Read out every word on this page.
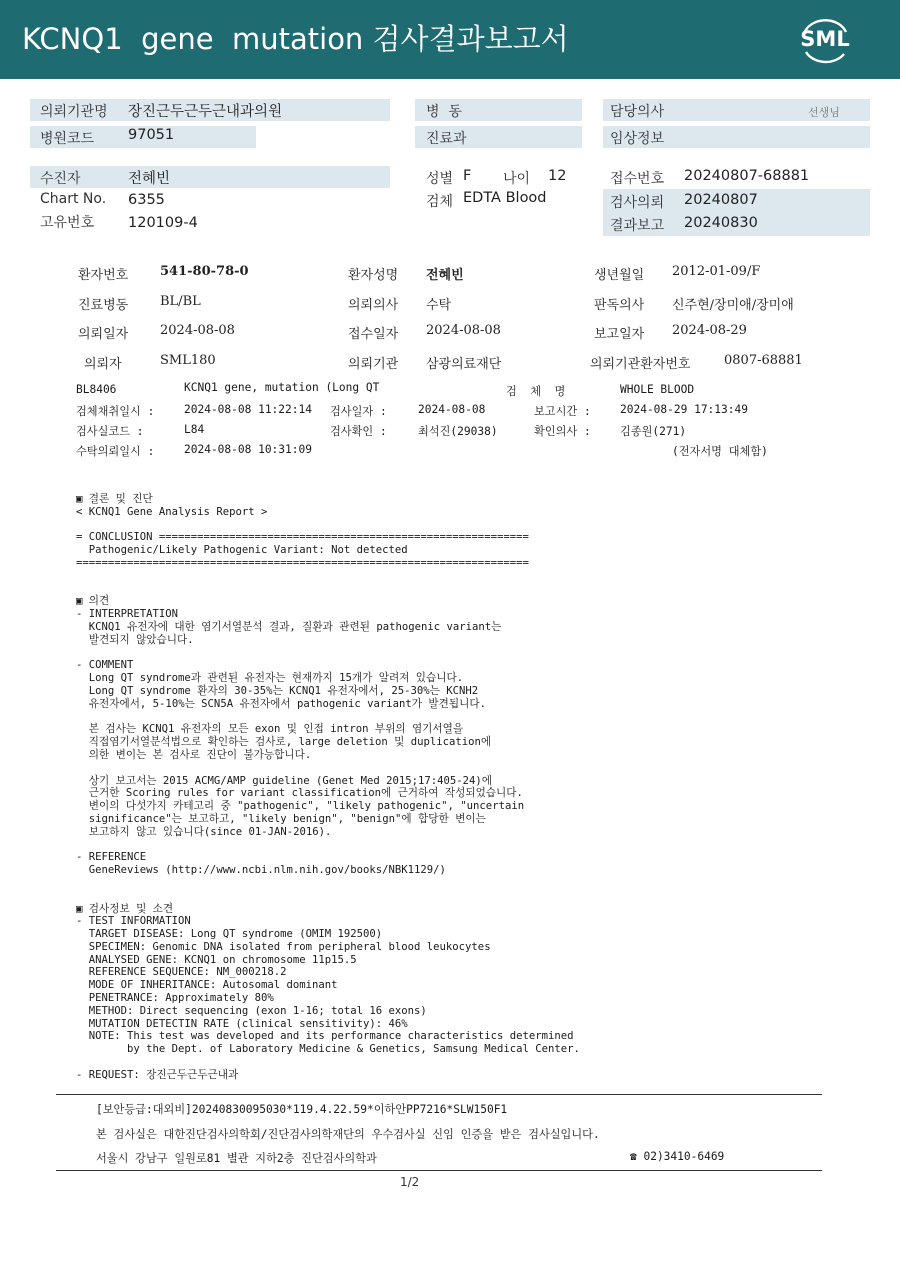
KCNQ1  gene  mutation 검사결과보고서	SML
의뢰기관명 장진근두근두근내과의원
병원코드 97051
병  동
진료과
담당의사	선생님
임상정보
수진자	전혜빈
Chart No. 6355
고유번호 120109-4
성별 F 나이 12
검체 EDTA Blood
접수번호 20240807-68881
검사의뢰 20240807
결과보고 20240830
환자번호 541-80-78-0	환자성명 전혜빈	생년월일 2012-01-09/F
진료병동 BL/BL	의뢰의사 수탁	판독의사 신주현/장미애/장미애
의뢰일자 2024-08-08	접수일자 2024-08-08	보고일자 2024-08-29
의뢰자	SML180	의뢰기관 삼광의료재단	의뢰기관환자번호	0807-68881
BL8406	KCNQ1 gene, mutation (Long QT	검  체  명	WHOLE BLOOD
검체채취일시 :	2024-08-08 11:22:14 검사일자 :	2024-08-08	보고시간 :	2024-08-29 17:13:49
검사실코드 :	L84	검사확인 :	최석진(29038)	확인의사 :	김종원(271)
수탁의뢰일시 :	2024-08-08 10:31:09	(전자서명 대체함)
▣ 결론 및 진단
< KCNQ1 Gene Analysis Report >
= CONCLUSION ==========================================================
Pathogenic/Likely Pathogenic Variant: Not detected
=======================================================================
▣ 의견
- INTERPRETATION
KCNQ1 유전자에 대한 염기서열분석 결과, 질환과 관련된 pathogenic variant는
발견되지 않았습니다.
- COMMENT
Long QT syndrome과 관련된 유전자는 현재까지 15개가 알려져 있습니다.
Long QT syndrome 환자의 30-35%는 KCNQ1 유전자에서, 25-30%는 KCNH2
유전자에서, 5-10%는 SCN5A 유전자에서 pathogenic variant가 발견됩니다.
본 검사는 KCNQ1 유전자의 모든 exon 및 인접 intron 부위의 염기서열을
직접염기서열분석법으로 확인하는 검사로, large deletion 및 duplication에
의한 변이는 본 검사로 진단이 불가능합니다.
상기 보고서는 2015 ACMG/AMP guideline (Genet Med 2015;17:405-24)에
근거한 Scoring rules for variant classification에 근거하여 작성되었습니다.
변이의 다섯가지 카테고리 중 "pathogenic", "likely pathogenic", "uncertain
significance"는 보고하고, "likely benign", "benign"에 합당한 변이는
보고하지 않고 있습니다(since 01-JAN-2016).
- REFERENCE
GeneReviews (http://www.ncbi.nlm.nih.gov/books/NBK1129/)
▣ 검사정보 및 소견
- TEST INFORMATION
TARGET DISEASE: Long QT syndrome (OMIM 192500)
SPECIMEN: Genomic DNA isolated from peripheral blood leukocytes
ANALYSED GENE: KCNQ1 on chromosome 11p15.5
REFERENCE SEQUENCE: NM_000218.2
MODE OF INHERITANCE: Autosomal dominant
PENETRANCE: Approximately 80%
METHOD: Direct sequencing (exon 1-16; total 16 exons)
MUTATION DETECTIN RATE (clinical sensitivity): 46%
NOTE: This test was developed and its performance characteristics determined
by the Dept. of Laboratory Medicine & Genetics, Samsung Medical Center.
- REQUEST: 장진근두근두근내과
[보안등급:대외비]20240830095030*119.4.22.59*이하안PP7216*SLW150F1
본 검사실은 대한진단검사의학회/진단검사의학재단의 우수검사실 신임 인증을 받은 검사실입니다.
서울시 강남구 일원로81 별관 지하2층 진단검사의학과	☎ 02)3410-6469
1/2
